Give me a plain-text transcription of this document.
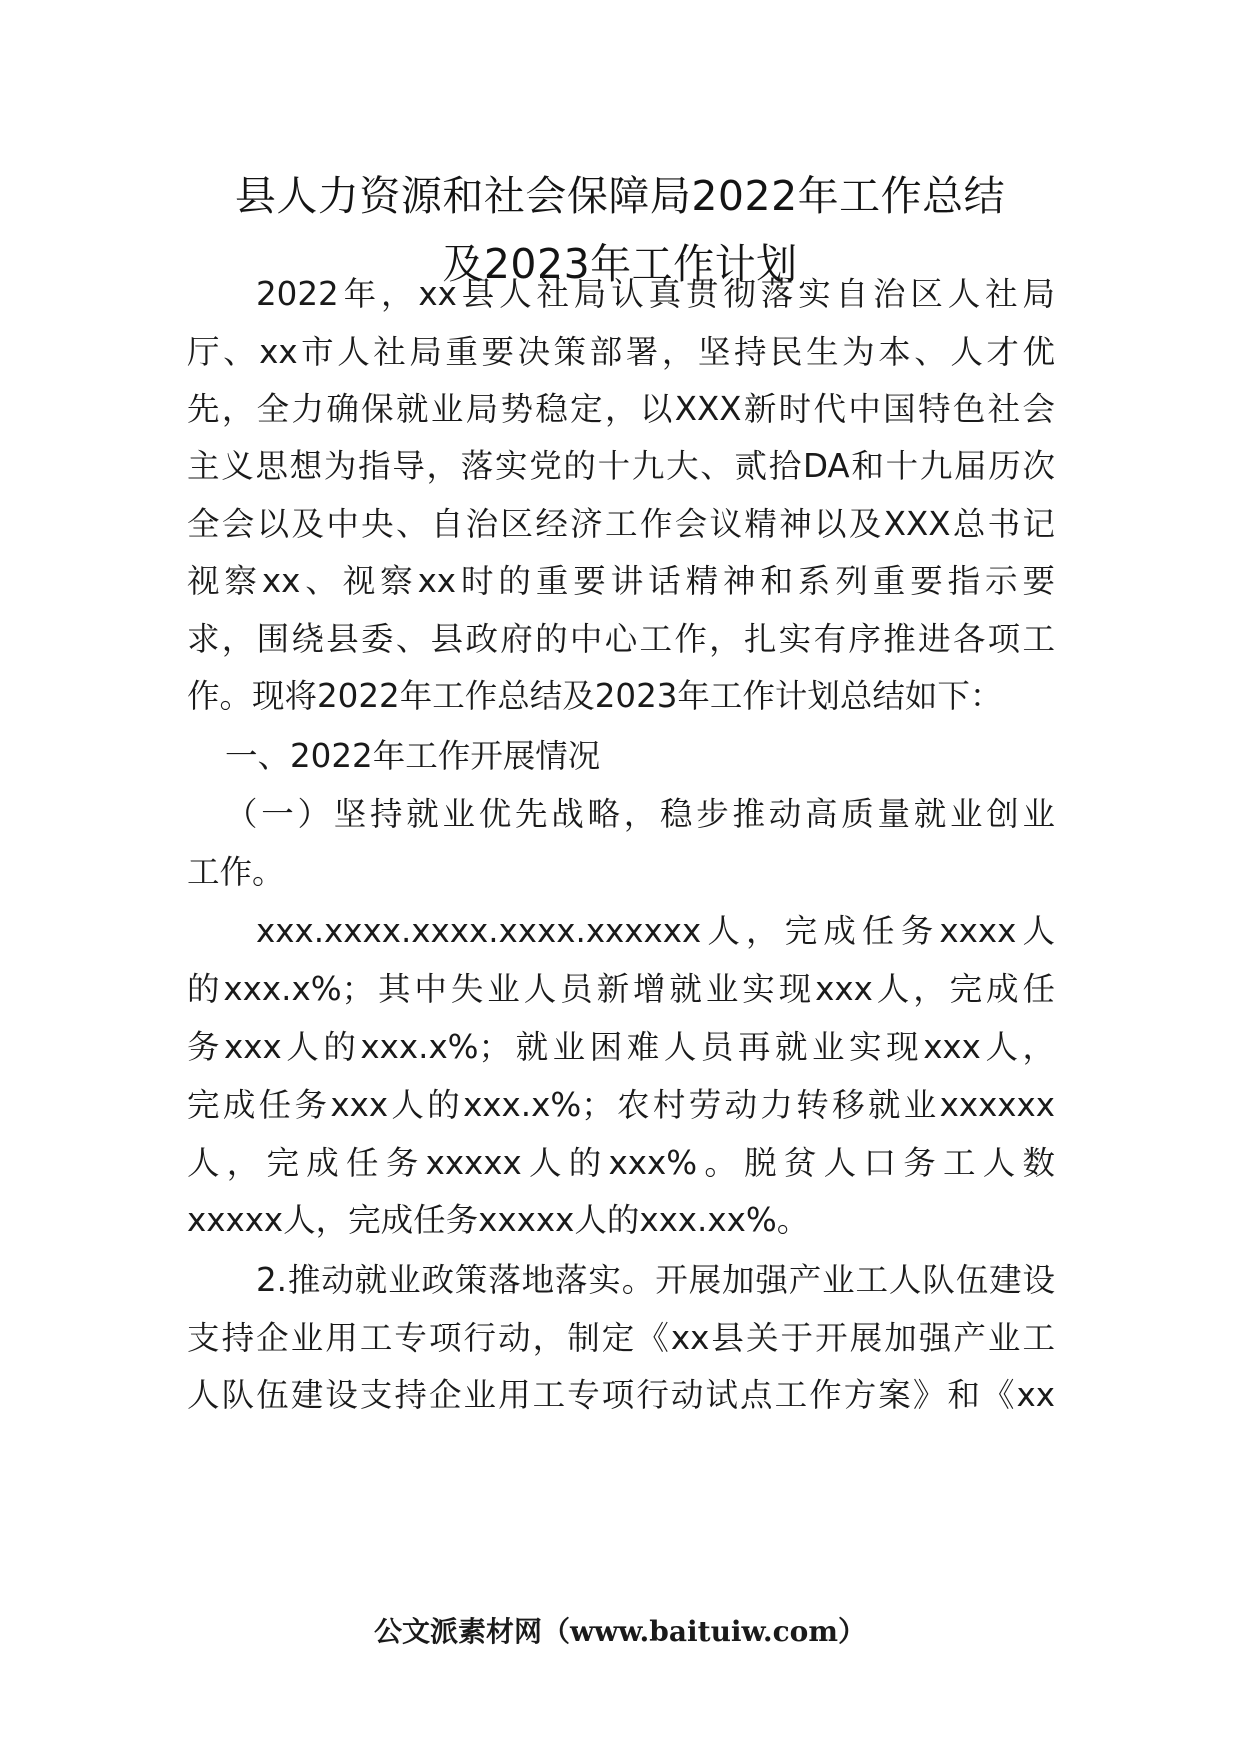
县人力资源和社会保障局2022年工作总结
及2023年工作计划
2022年，xx县人社局认真贯彻落实自治区人社局
厅、xx市人社局重要决策部署，坚持民生为本、人才优
先，全力确保就业局势稳定，以XXX新时代中国特色社会
主义思想为指导，落实党的十九大、贰拾DA和十九届历次
全会以及中央、自治区经济工作会议精神以及XXX总书记
视察xx、视察xx时的重要讲话精神和系列重要指示要
求，围绕县委、县政府的中心工作，扎实有序推进各项工
作。现将2022年工作总结及2023年工作计划总结如下：
一、2022年工作开展情况
（一）坚持就业优先战略，稳步推动高质量就业创业
工作。
xxx.xxxx.xxxx.xxxx.xxxxxx人，完成任务xxxx人
的xxx.x%；其中失业人员新增就业实现xxx人，完成任
务xxx人的xxx.x%；就业困难人员再就业实现xxx人，
完成任务xxx人的xxx.x%；农村劳动力转移就业xxxxxx
人，完成任务xxxxx人的xxx%。脱贫人口务工人数
xxxxx人，完成任务xxxxx人的xxx.xx%。
2.推动就业政策落地落实。开展加强产业工人队伍建设
支持企业用工专项行动，制定《xx县关于开展加强产业工
人队伍建设支持企业用工专项行动试点工作方案》和《xx
公文派素材网（www.baituiw.com）
